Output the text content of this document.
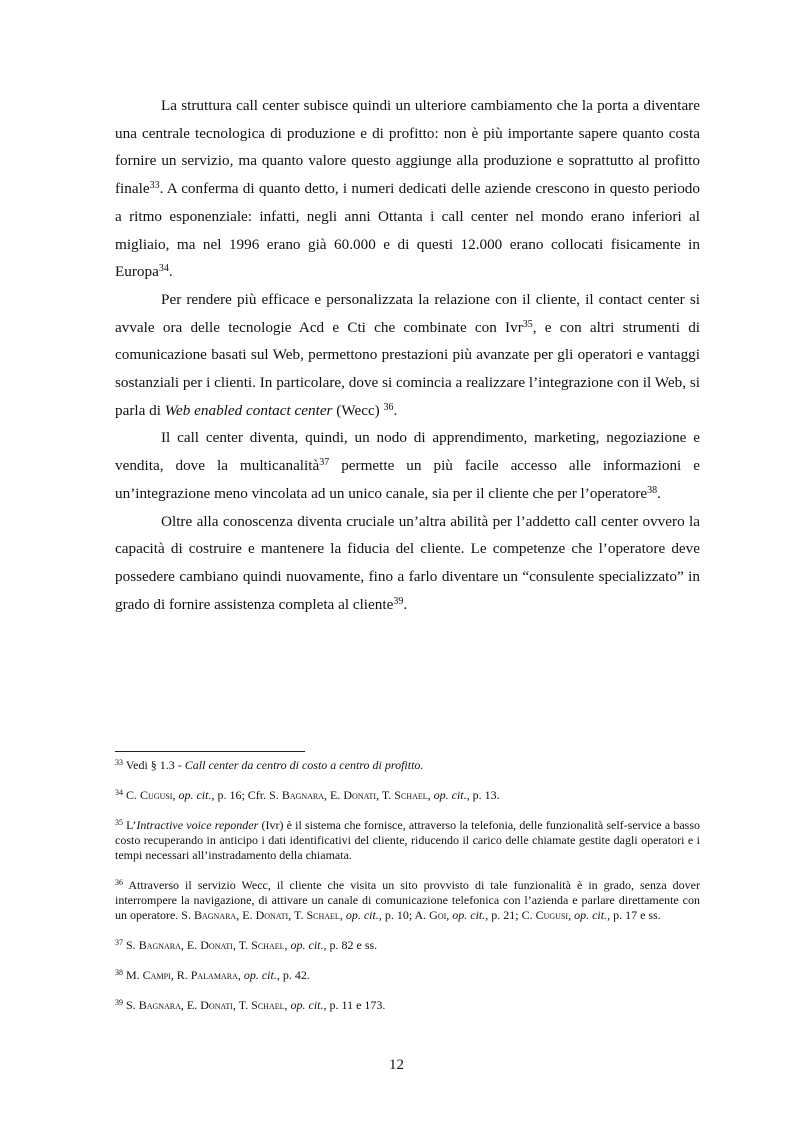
La struttura call center subisce quindi un ulteriore cambiamento che la porta a diventare una centrale tecnologica di produzione e di profitto: non è più importante sapere quanto costa fornire un servizio, ma quanto valore questo aggiunge alla produzione e soprattutto al profitto finale$^{33}$. A conferma di quanto detto, i numeri dedicati delle aziende crescono in questo periodo a ritmo esponenziale: infatti, negli anni Ottanta i call center nel mondo erano inferiori al migliaio, ma nel 1996 erano già 60.000 e di questi 12.000 erano collocati fisicamente in Europa$^{34}$.

Per rendere più efficace e personalizzata la relazione con il cliente, il contact center si avvale ora delle tecnologie Acd e Cti che combinate con Ivr$^{35}$, e con altri strumenti di comunicazione basati sul Web, permettono prestazioni più avanzate per gli operatori e vantaggi sostanziali per i clienti. In particolare, dove si comincia a realizzare l’integrazione con il Web, si parla di Web enabled contact center (Wecc) $^{36}$.

Il call center diventa, quindi, un nodo di apprendimento, marketing, negoziazione e vendita, dove la multicanalità$^{37}$ permette un più facile accesso alle informazioni e un’integrazione meno vincolata ad un unico canale, sia per il cliente che per l’operatore$^{38}$.

Oltre alla conoscenza diventa cruciale un’altra abilità per l’addetto call center ovvero la capacità di costruire e mantenere la fiducia del cliente. Le competenze che l’operatore deve possedere cambiano quindi nuovamente, fino a farlo diventare un “consulente specializzato” in grado di fornire assistenza completa al cliente$^{39}$.

$^{33}$ Vedi § 1.3 - Call center da centro di costo a centro di profitto.

$^{34}$ C. Cugusi, op. cit., p. 16; Cfr. S. Bagnara, E. Donati, T. Schael, op. cit., p. 13.

$^{35}$ L’Intractive voice reponder (Ivr) è il sistema che fornisce, attraverso la telefonia, delle funzionalità self-service a basso costo recuperando in anticipo i dati identificativi del cliente, riducendo il carico delle chiamate gestite dagli operatori e i tempi necessari all’instradamento della chiamata.

$^{36}$ Attraverso il servizio Wecc, il cliente che visita un sito provvisto di tale funzionalità è in grado, senza dover interrompere la navigazione, di attivare un canale di comunicazione telefonica con l’azienda e parlare direttamente con un operatore. S. Bagnara, E. Donati, T. Schael, op. cit., p. 10; A. Goi, op. cit., p. 21; C. Cugusi, op. cit., p. 17 e ss.

$^{37}$ S. Bagnara, E. Donati, T. Schael, op. cit., p. 82 e ss.

$^{38}$ M. Campi, R. Palamara, op. cit., p. 42.

$^{39}$ S. Bagnara, E. Donati, T. Schael, op. cit., p. 11 e 173.

12
